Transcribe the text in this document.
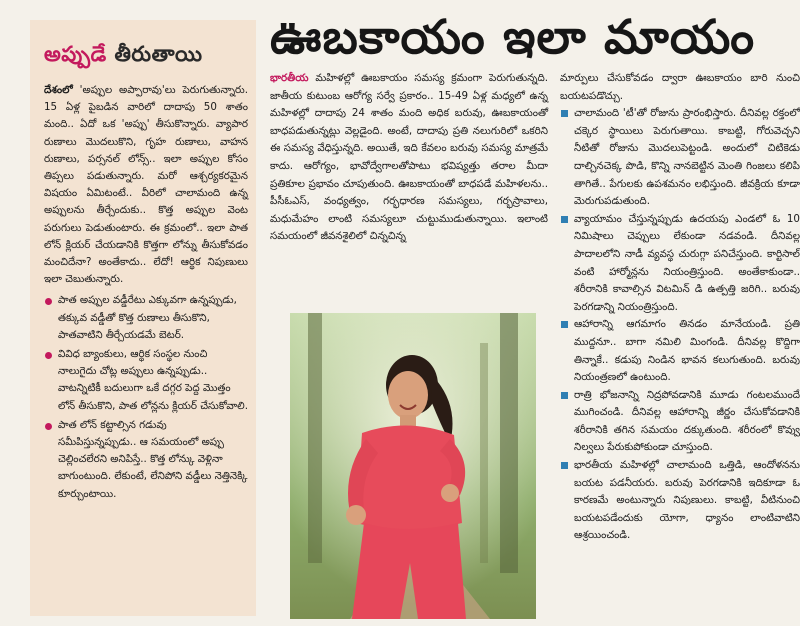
అప్పుడే తీరుతాయి
దేశంలో 'అప్పుల అప్పారావు'లు పెరుగుతున్నారు. 15 ఏళ్ల పైబడిన వారిలో దాదాపు 50 శాతం మంది.. ఏదో ఒక 'అప్పు' తీసుకొన్నారు. వ్యాపార రుణాలు మొదలుకొని, గృహ రుణాలు, వాహన రుణాలు, పర్సనల్ లోన్స్.. ఇలా అప్పుల కోసం తిప్పలు పడుతున్నారు. మరో ఆశ్చర్యకరమైన విషయం ఏమిటంటే.. వీరిలో చాలామంది ఉన్న అప్పులను తీర్చేందుకు.. కొత్త అప్పుల వెంట పరుగులు పెడుతుంటారు. ఈ క్రమంలో.. ఇలా పాత లోన్ క్లియర్ చేయడానికి కొత్తగా లోన్ను తీసుకోవడం మంచిదేనా? అంతేకాదు.. లేదో! ఆర్థిక నిపుణులు ఇలా చెబుతున్నారు.
పాత అప్పుల వడ్డీరేటు ఎక్కువగా ఉన్నప్పుడు, తక్కువ వడ్డీతో కొత్త రుణాలు తీసుకొని, పాతవాటిని తీర్చేయడమే బెటర్.
వివిధ బ్యాంకులు, ఆర్థిక సంస్థల నుంచి నాలుగైదు చోట్ల అప్పులు ఉన్నప్పుడు.. వాటన్నిటికీ బదులుగా ఒకే దగ్గర పెద్ద మొత్తం లోన్ తీసుకొని, పాత లోన్లను క్లియర్ చేసుకోవాలి.
పాత లోన్ కట్టాల్సిన గడువు సమీపిస్తున్నప్పుడు.. ఆ సమయంలో అప్పు చెల్లించలేరని అనిపిస్తే.. కొత్త లోన్కు వెళ్లినా బాగుంటుంది. లేకుంటే, లేనిపోని వడ్డీలు నెత్తినెక్కి కూర్చుంటాయి.
ఊబకాయం ఇలా మాయం
భారతీయ మహిళల్లో ఊబకాయం సమస్య క్రమంగా పెరుగుతున్నది. జాతీయ కుటుంబ ఆరోగ్య సర్వే ప్రకారం.. 15-49 ఏళ్ల మధ్యలో ఉన్న మహిళల్లో దాదాపు 24 శాతం మంది అధిక బరువు, ఊబకాయంతో బాధపడుతున్నట్లు వెల్లడైంది. అంటే, దాదాపు ప్రతి నలుగురిలో ఒకరిని ఈ సమస్య వేధిస్తున్నది. అయితే, ఇది కేవలం బరువు సమస్య మాత్రమే కాదు. ఆరోగ్యం, భావోద్వేగాలతోపాటు భవిష్యత్తు తరాల మీదా ప్రతికూల ప్రభావం చూపుతుంది. ఊబకాయంతో బాధపడే మహిళలను.. పీసీఓఎస్, వంధ్యత్వం, గర్భధారణ సమస్యలు, గర్భస్రావాలు, మధుమేహం లాంటి సమస్యలూ చుట్టుముడుతున్నాయి. ఇలాంటి సమయంలో జీవనశైలిలో చిన్నచిన్న
మార్పులు చేసుకోవడం ద్వారా ఊబకాయం బారి నుంచి బయటపడొచ్చు.
చాలామంది 'టీ'తో రోజును ప్రారంభిస్తారు. దీనివల్ల రక్తంలో చక్కెర స్థాయిలు పెరుగుతాయి. కాబట్టి, గోరువెచ్చని నీటితో రోజును మొదలుపెట్టండి. అందులో చిటికెడు దాల్చినచెక్క పొడి, కొన్ని నానబెట్టిన మెంతి గింజలు కలిపి తాగితే.. పేగులకు ఉపశమనం లభిస్తుంది. జీవక్రియ కూడా మెరుగుపడుతుంది.
వ్యాయామం చేస్తున్నప్పుడు ఉదయపు ఎండలో ఓ 10 నిమిషాలు చెప్పులు లేకుండా నడవండి. దీనివల్ల పాదాలలోని నాడీ వ్యవస్థ చురుగ్గా పనిచేస్తుంది. కార్టిసాల్ వంటి హార్మోన్లను నియంత్రిస్తుంది. అంతేకాకుండా.. శరీరానికి కావాల్సిన విటమిన్ డి ఉత్పత్తి జరిగి.. బరువు పెరగడాన్ని నియంత్రిస్తుంది.
ఆహారాన్ని ఆగమాగం తినడం మానేయండి. ప్రతి ముద్దనూ.. బాగా నమిలి మింగండి. దీనివల్ల కొద్దిగా తిన్నాకే.. కడుపు నిండిన భావన కలుగుతుంది. బరువు నియంత్రణలో ఉంటుంది.
రాత్రి భోజనాన్ని నిద్రపోవడానికి మూడు గంటలముందే ముగించండి. దీనివల్ల ఆహారాన్ని జీర్ణం చేసుకోవడానికి శరీరానికి తగిన సమయం దక్కుతుంది. శరీరంలో కొవ్వు నిల్వలు పేరుకుపోకుండా చూస్తుంది.
భారతీయ మహిళల్లో చాలామంది ఒత్తిడి, ఆందోళనను బయట పడనీయరు. బరువు పెరగడానికి ఇదికూడా ఓ కారణమే అంటున్నారు నిపుణులు. కాబట్టి, వీటినుంచి బయటపడేందుకు యోగా, ధ్యానం లాంటివాటిని ఆశ్రయించండి.
